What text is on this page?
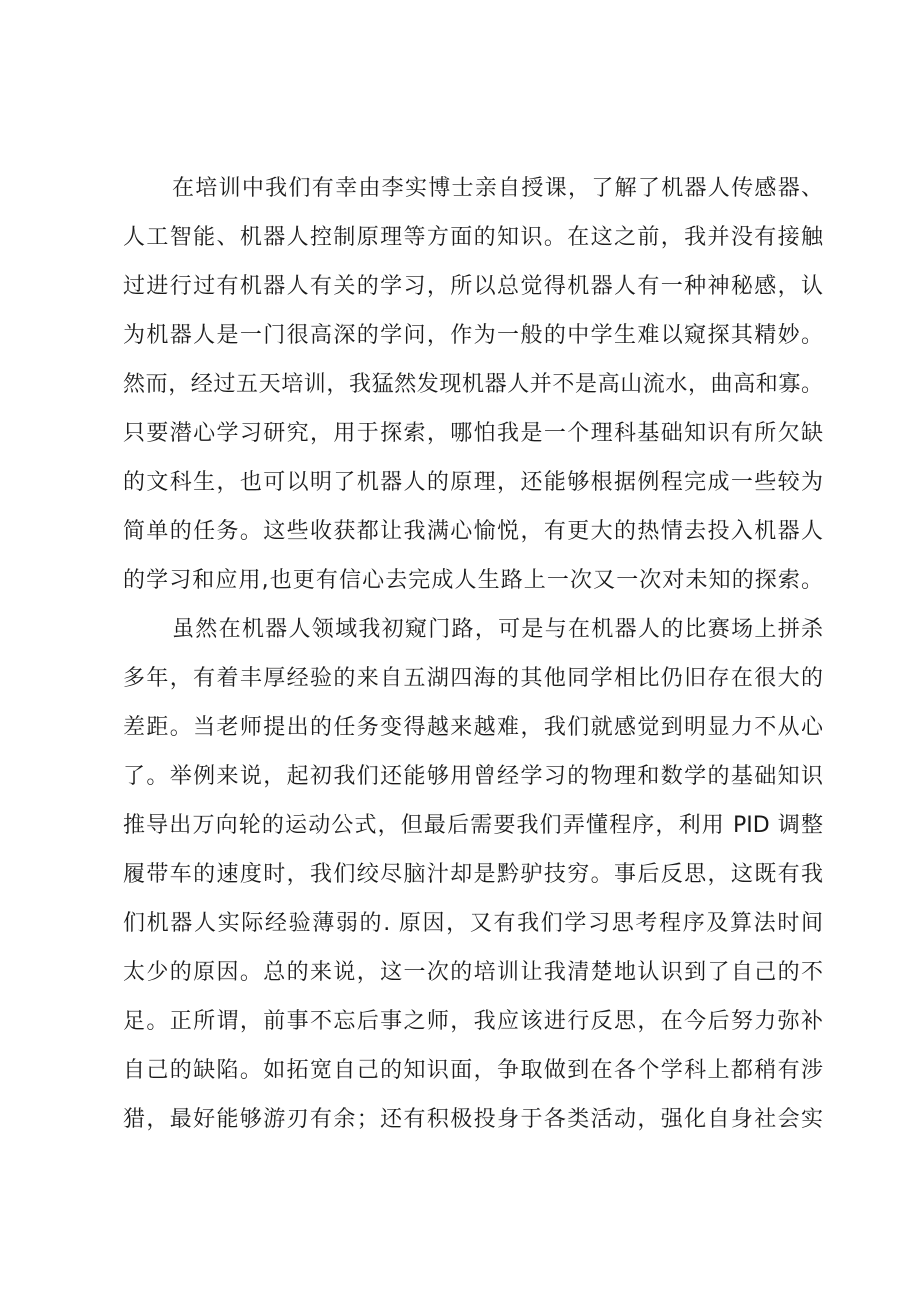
在培训中我们有幸由李实博士亲自授课，了解了机器人传感器、
人工智能、机器人控制原理等方面的知识。在这之前，我并没有接触
过进行过有机器人有关的学习，所以总觉得机器人有一种神秘感，认
为机器人是一门很高深的学问，作为一般的中学生难以窥探其精妙。
然而，经过五天培训，我猛然发现机器人并不是高山流水，曲高和寡。
只要潜心学习研究，用于探索，哪怕我是一个理科基础知识有所欠缺
的文科生，也可以明了机器人的原理，还能够根据例程完成一些较为
简单的任务。这些收获都让我满心愉悦，有更大的热情去投入机器人
的学习和应用,也更有信心去完成人生路上一次又一次对未知的探索。
虽然在机器人领域我初窥门路，可是与在机器人的比赛场上拼杀
多年，有着丰厚经验的来自五湖四海的其他同学相比仍旧存在很大的
差距。当老师提出的任务变得越来越难，我们就感觉到明显力不从心
了。举例来说，起初我们还能够用曾经学习的物理和数学的基础知识
推导出万向轮的运动公式，但最后需要我们弄懂程序，利用 PID 调整
履带车的速度时，我们绞尽脑汁却是黔驴技穷。事后反思，这既有我
们机器人实际经验薄弱的. 原因，又有我们学习思考程序及算法时间
太少的原因。总的来说，这一次的培训让我清楚地认识到了自己的不
足。正所谓，前事不忘后事之师，我应该进行反思，在今后努力弥补
自己的缺陷。如拓宽自己的知识面，争取做到在各个学科上都稍有涉
猎，最好能够游刃有余；还有积极投身于各类活动，强化自身社会实
